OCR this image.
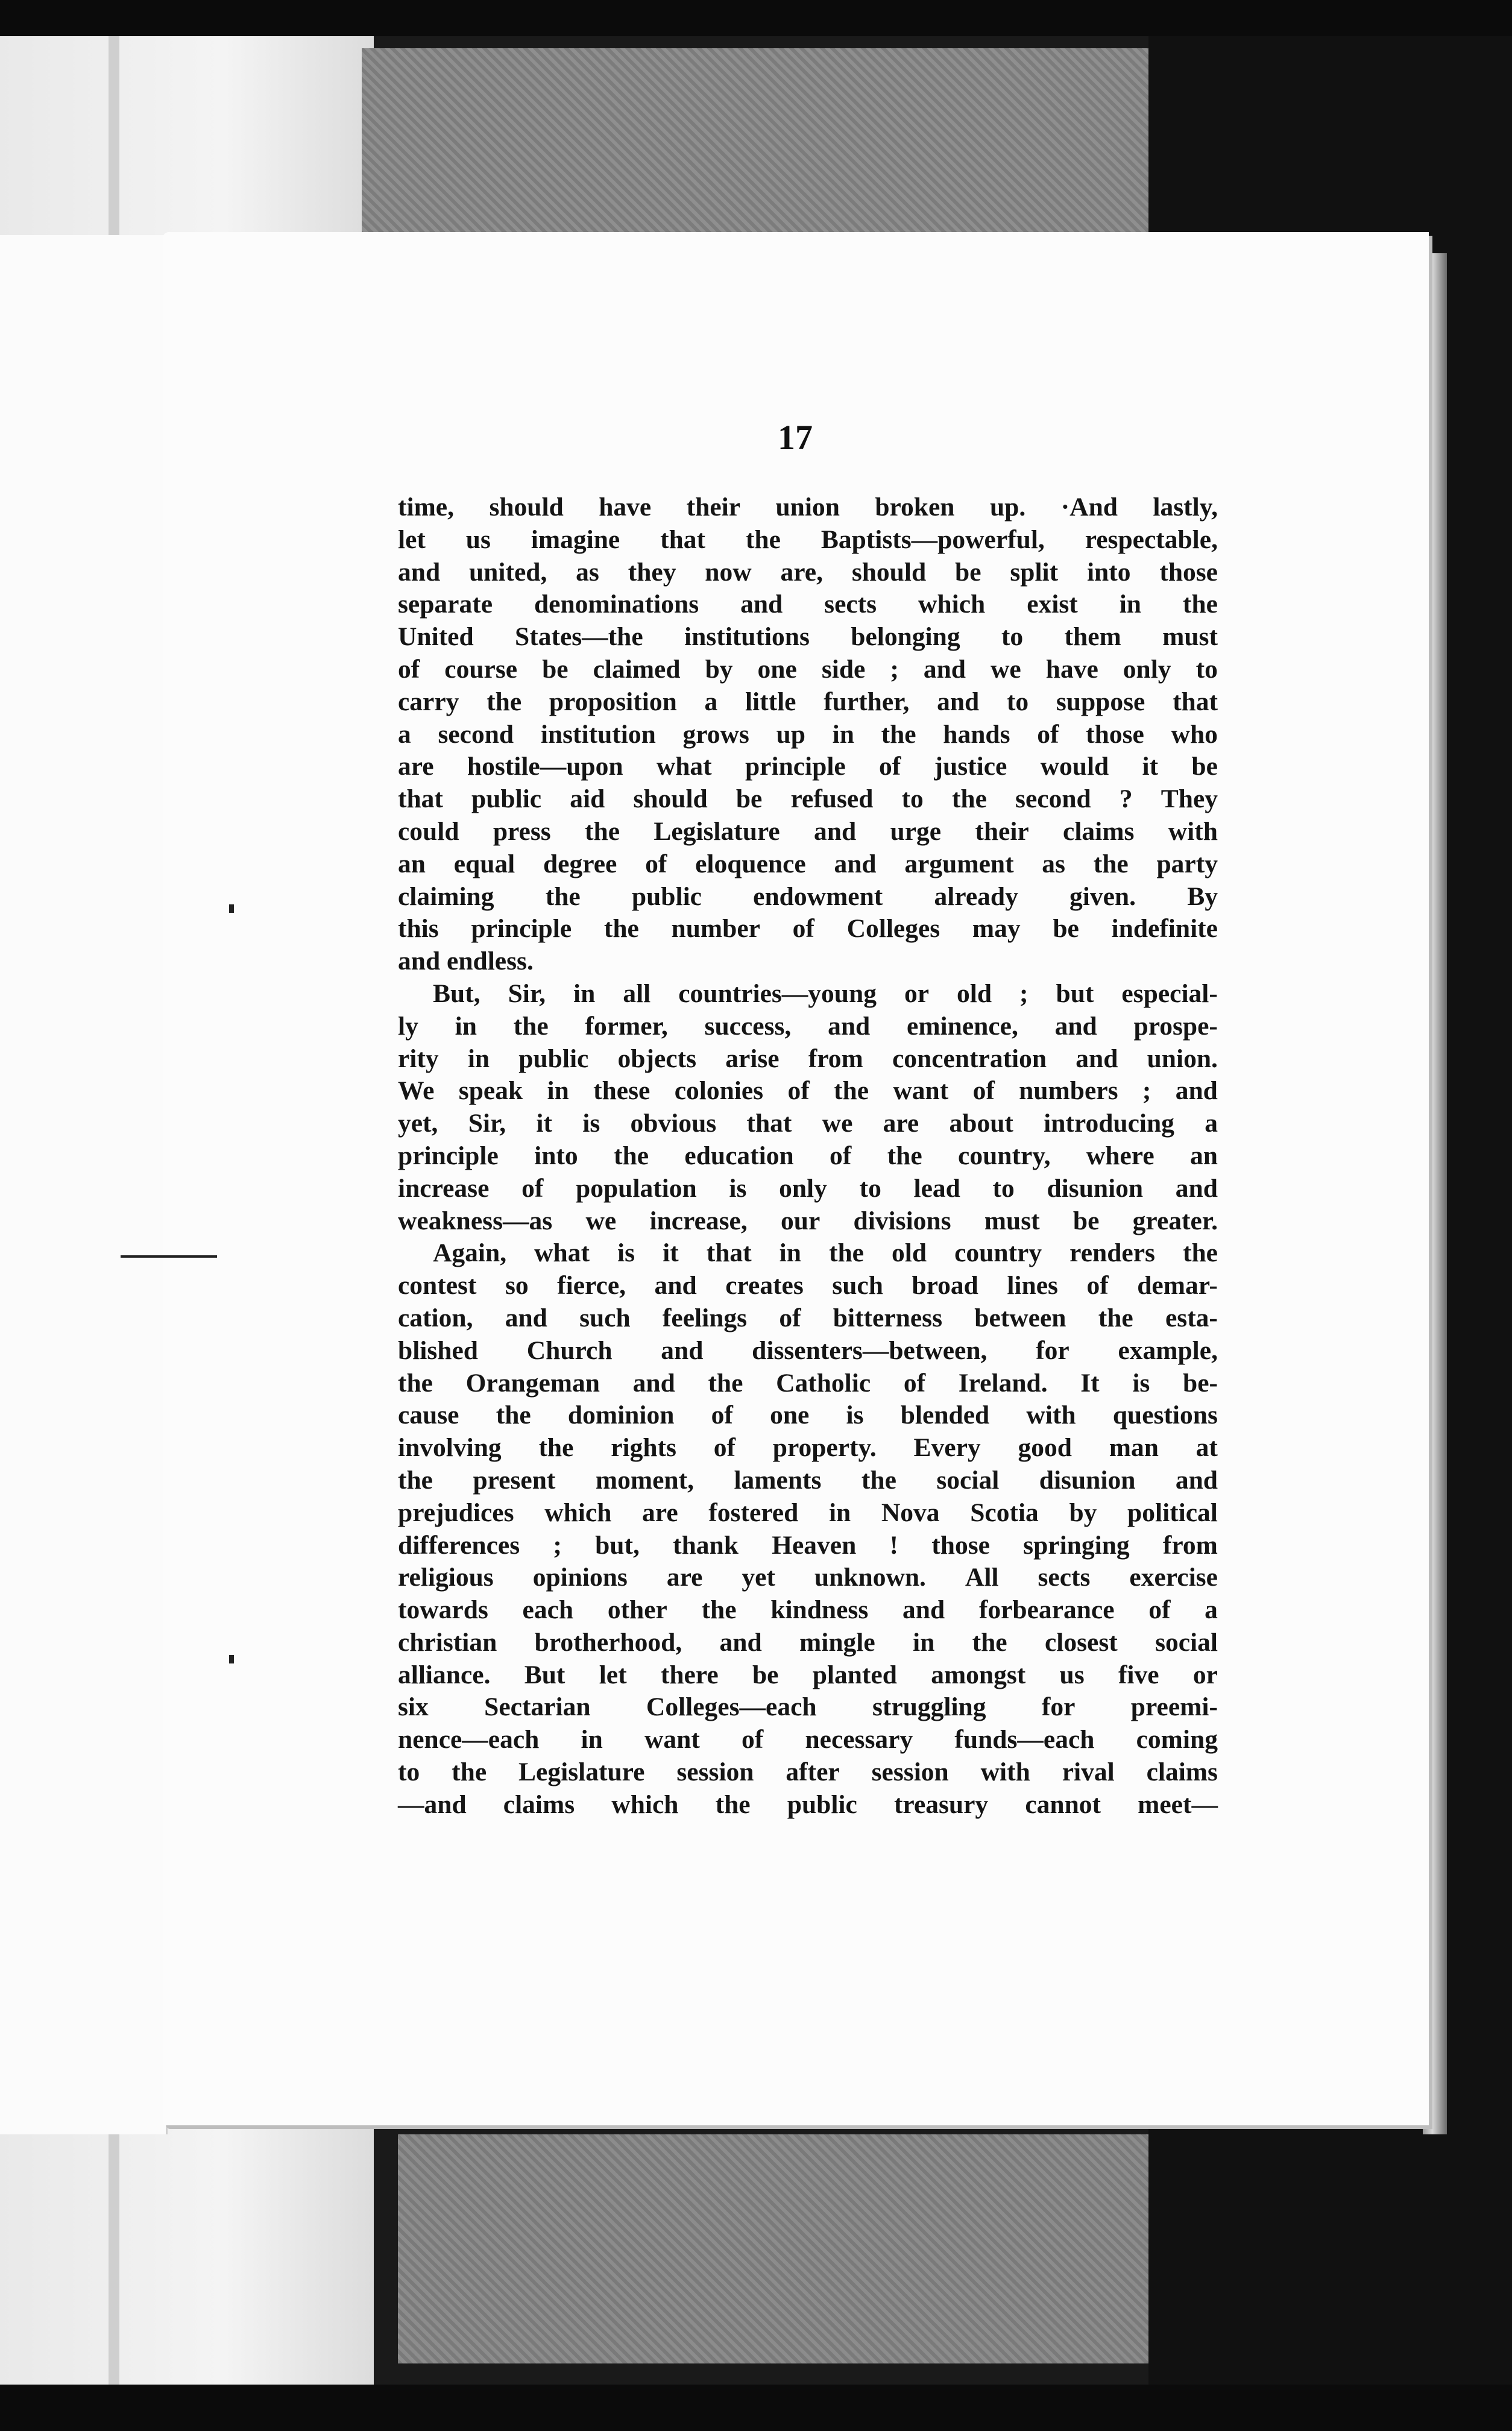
17
time, should have their union broken up. ·And lastly,
let us imagine that the Baptists—powerful, respectable,
and united, as they now are, should be split into those
separate denominations and sects which exist in the
United States—the institutions belonging to them must
of course be claimed by one side ; and we have only to
carry the proposition a little further, and to suppose that
a second institution grows up in the hands of those who
are hostile—upon what principle of justice would it be
that public aid should be refused to the second ? They
could press the Legislature and urge their claims with
an equal degree of eloquence and argument as the party
claiming the public endowment already given. By
this principle the number of Colleges may be indefinite
and endless.
But, Sir, in all countries—young or old ; but especial-
ly in the former, success, and eminence, and prospe-
rity in public objects arise from concentration and union.
We speak in these colonies of the want of numbers ; and
yet, Sir, it is obvious that we are about introducing a
principle into the education of the country, where an
increase of population is only to lead to disunion and
weakness—as we increase, our divisions must be greater.
Again, what is it that in the old country renders the
contest so fierce, and creates such broad lines of demar-
cation, and such feelings of bitterness between the esta-
blished Church and dissenters—between, for example,
the Orangeman and the Catholic of Ireland. It is be-
cause the dominion of one is blended with questions
involving the rights of property. Every good man at
the present moment, laments the social disunion and
prejudices which are fostered in Nova Scotia by political
differences ; but, thank Heaven ! those springing from
religious opinions are yet unknown. All sects exercise
towards each other the kindness and forbearance of a
christian brotherhood, and mingle in the closest social
alliance. But let there be planted amongst us five or
six Sectarian Colleges—each struggling for preemi-
nence—each in want of necessary funds—each coming
to the Legislature session after session with rival claims
—and claims which the public treasury cannot meet—
